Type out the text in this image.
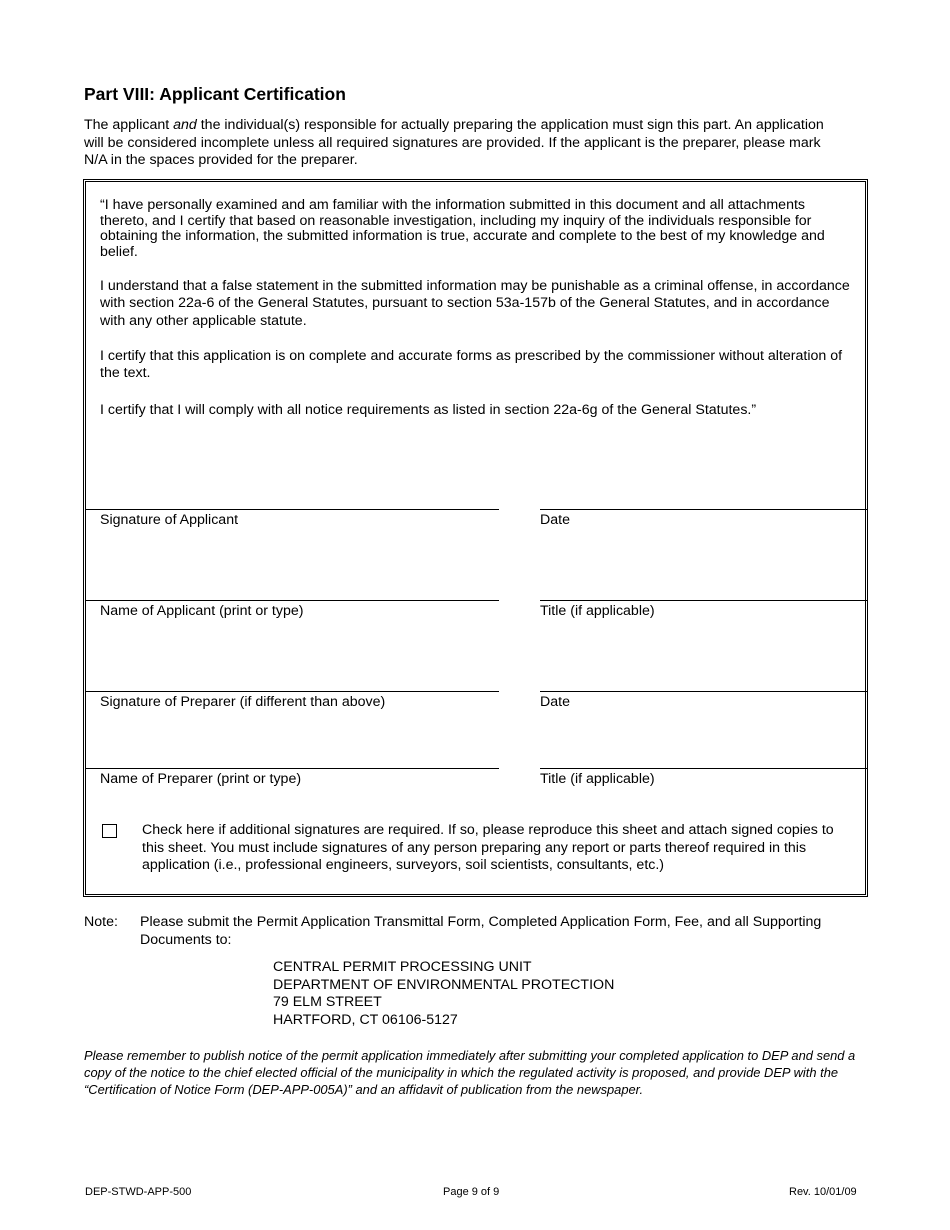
Part VIII: Applicant Certification
The applicant and the individual(s) responsible for actually preparing the application must sign this part. An application will be considered incomplete unless all required signatures are provided. If the applicant is the preparer, please mark N/A in the spaces provided for the preparer.
“I have personally examined and am familiar with the information submitted in this document and all attachments thereto, and I certify that based on reasonable investigation, including my inquiry of the individuals responsible for obtaining the information, the submitted information is true, accurate and complete to the best of my knowledge and belief.
I understand that a false statement in the submitted information may be punishable as a criminal offense, in accordance with section 22a-6 of the General Statutes, pursuant to section 53a-157b of the General Statutes, and in accordance with any other applicable statute.
I certify that this application is on complete and accurate forms as prescribed by the commissioner without alteration of the text.
I certify that I will comply with all notice requirements as listed in section 22a-6g of the General Statutes.”
Signature of Applicant	Date
Name of Applicant (print or type)	Title (if applicable)
Signature of Preparer (if different than above)	Date
Name of Preparer (print or type)	Title (if applicable)
Check here if additional signatures are required. If so, please reproduce this sheet and attach signed copies to this sheet. You must include signatures of any person preparing any report or parts thereof required in this application (i.e., professional engineers, surveyors, soil scientists, consultants, etc.)
Note: Please submit the Permit Application Transmittal Form, Completed Application Form, Fee, and all Supporting Documents to:
CENTRAL PERMIT PROCESSING UNIT
DEPARTMENT OF ENVIRONMENTAL PROTECTION
79 ELM STREET
HARTFORD, CT 06106-5127
Please remember to publish notice of the permit application immediately after submitting your completed application to DEP and send a copy of the notice to the chief elected official of the municipality in which the regulated activity is proposed, and provide DEP with the “Certification of Notice Form (DEP-APP-005A)” and an affidavit of publication from the newspaper.
DEP-STWD-APP-500	Page 9 of 9	Rev. 10/01/09
